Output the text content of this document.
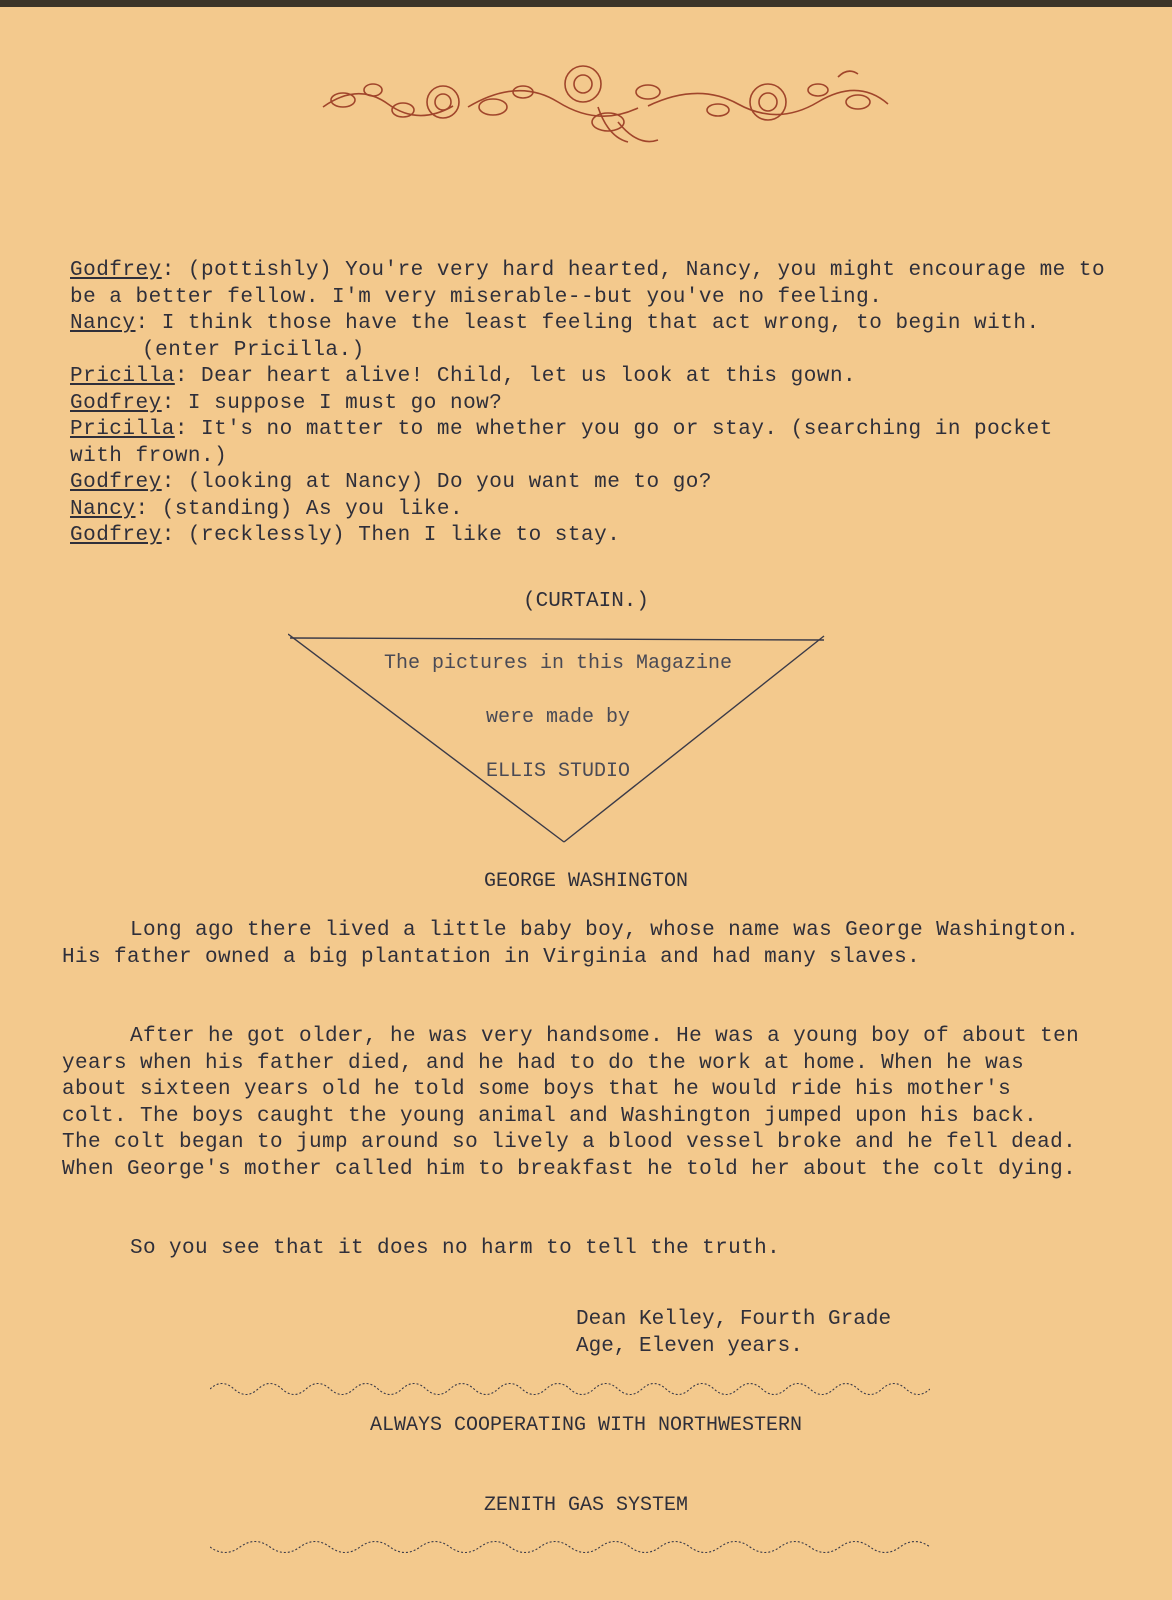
Godfrey: (pottishly) You're very hard hearted, Nancy, you might encourage me to be a better fellow. I'm very miserable--but you've no feeling.

Nancy: I think those have the least feeling that act wrong, to begin with.

(enter Pricilla.)

Pricilla: Dear heart alive! Child, let us look at this gown.

Godfrey: I suppose I must go now?

Pricilla: It's no matter to me whether you go or stay. (searching in pocket with frown.)

Godfrey: (looking at Nancy) Do you want me to go?

Nancy: (standing) As you like.

Godfrey: (recklessly) Then I like to stay.

(CURTAIN.)
The pictures in this Magazine
were made by
ELLIS STUDIO
GEORGE WASHINGTON

Long ago there lived a little baby boy, whose name was George Washington. His father owned a big plantation in Virginia and had many slaves.

After he got older, he was very handsome. He was a young boy of about ten years when his father died, and he had to do the work at home. When he was about sixteen years old he told some boys that he would ride his mother's colt. The boys caught the young animal and Washington jumped upon his back. The colt began to jump around so lively a blood vessel broke and he fell dead. When George's mother called him to breakfast he told her about the colt dying.

So you see that it does no harm to tell the truth.

Dean Kelley, Fourth Grade
Age, Eleven years.
ALWAYS COOPERATING WITH NORTHWESTERN
ZENITH GAS SYSTEM
